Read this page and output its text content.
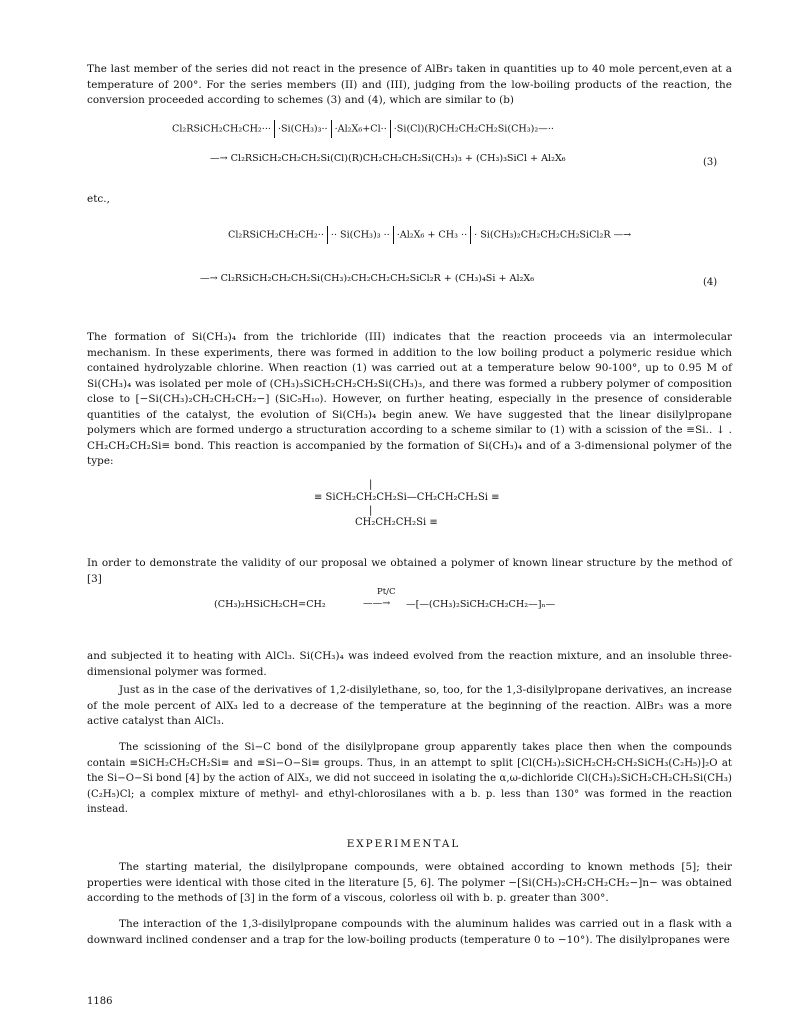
The last member of the series did not react in the presence of AlBr₃ taken in quantities up to 40 mole percent,even at a temperature of 200°. For the series members (II) and (III), judging from the low-boiling products of the reaction, the conversion proceeded according to schemes (3) and (4), which are similar to (b)

Cl₂RSiCH₂CH₂CH₂··· ·Si(CH₃)₃·· ·Al₂X₆+Cl·· ·Si(Cl)(R)CH₂CH₂CH₂Si(CH₃)₂—··
—→ Cl₂RSiCH₂CH₂CH₂Si(Cl)(R)CH₂CH₂CH₂Si(CH₃)₃ + (CH₃)₃SiCl + Al₂X₆	(3)
etc.,
Cl₂RSiCH₂CH₂CH₂·· ·· Si(CH₃)₃ ·· ·Al₂X₆ + CH₃ ·· · Si(CH₃)₂CH₂CH₂CH₂SiCl₂R —→
—→ Cl₂RSiCH₂CH₂CH₂Si(CH₃)₂CH₂CH₂CH₂SiCl₂R + (CH₃)₄Si + Al₂X₆	(4)

The formation of Si(CH₃)₄ from the trichloride (III) indicates that the reaction proceeds via an intermolecular mechanism. In these experiments, there was formed in addition to the low boiling product a polymeric residue which contained hydrolyzable chlorine. When reaction (1) was carried out at a temperature below 90-100°, up to 0.95 M of Si(CH₃)₄ was isolated per mole of (CH₃)₃SiCH₂CH₂CH₂Si(CH₃)₃, and there was formed a rubbery polymer of composition close to [−Si(CH₃)₂CH₂CH₂CH₂−] (SiC₅H₁₀). However, on further heating, especially in the presence of considerable quantities of the catalyst, the evolution of Si(CH₃)₄ begin anew. We have suggested that the linear disilylpropane polymers which are formed undergo a structuration according to a scheme similar to (1) with a scission of the ≡Si.. ↓ . CH₂CH₂CH₂Si≡ bond. This reaction is accompanied by the formation of Si(CH₃)₄ and of a 3-dimensional polymer of the type:

|
≡ SiCH₂CH₂CH₂Si—CH₂CH₂CH₂Si ≡
|
CH₂CH₂CH₂Si ≡

In order to demonstrate the validity of our proposal we obtained a polymer of known linear structure by the method of [3]

Pt/C
(CH₃)₂HSiCH₂CH=CH₂	——→ —[—(CH₃)₂SiCH₂CH₂CH₂—]ₙ—

and subjected it to heating with AlCl₃. Si(CH₃)₄ was indeed evolved from the reaction mixture, and an insoluble three-dimensional polymer was formed.

Just as in the case of the derivatives of 1,2-disilylethane, so, too, for the 1,3-disilylpropane derivatives, an increase of the mole percent of AlX₃ led to a decrease of the temperature at the beginning of the reaction. AlBr₃ was a more active catalyst than AlCl₃.

The scissioning of the Si−C bond of the disilylpropane group apparently takes place then when the compounds contain ≡SiCH₂CH₂CH₂Si≡ and ≡Si−O−Si≡ groups. Thus, in an attempt to split [Cl(CH₃)₂SiCH₂CH₂CH₂SiCH₃(C₂H₅)]₂O at the Si−O−Si bond [4] by the action of AlX₃, we did not succeed in isolating the α,ω-dichloride Cl(CH₃)₂SiCH₂CH₂CH₂Si(CH₃)(C₂H₅)Cl; a complex mixture of methyl- and ethyl-chlorosilanes with a b. p. less than 130° was formed in the reaction instead.

EXPERIMENTAL

The starting material, the disilylpropane compounds, were obtained according to known methods [5]; their properties were identical with those cited in the literature [5, 6]. The polymer −[Si(CH₃)₂CH₂CH₂CH₂−]n− was obtained according to the methods of [3] in the form of a viscous, colorless oil with b. p. greater than 300°.

The interaction of the 1,3-disilylpropane compounds with the aluminum halides was carried out in a flask with a downward inclined condenser and a trap for the low-boiling products (temperature 0 to −10°). The disilylpropanes were

1186
